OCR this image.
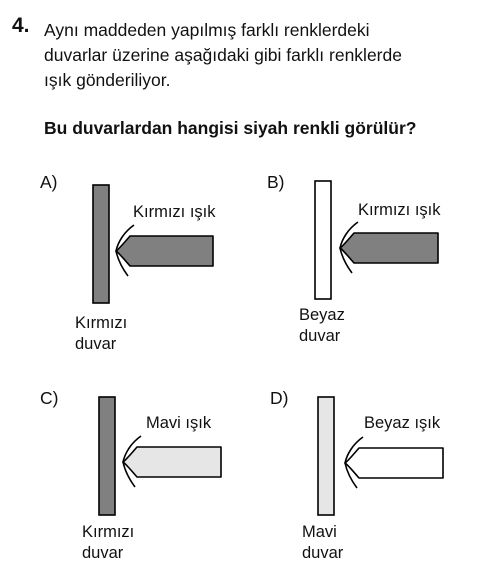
4. Aynı maddeden yapılmış farklı renklerdeki
duvarlar üzerine aşağıdaki gibi farklı renklerde
ışık gönderiliyor.
Bu duvarlardan hangisi siyah renkli görülür?
A)
Kırmızı ışık
Kırmızı
duvar
B)
Kırmızı ışık
Beyaz
duvar
C)
Mavi ışık
Kırmızı
duvar
D)
Beyaz ışık
Mavi
duvar
